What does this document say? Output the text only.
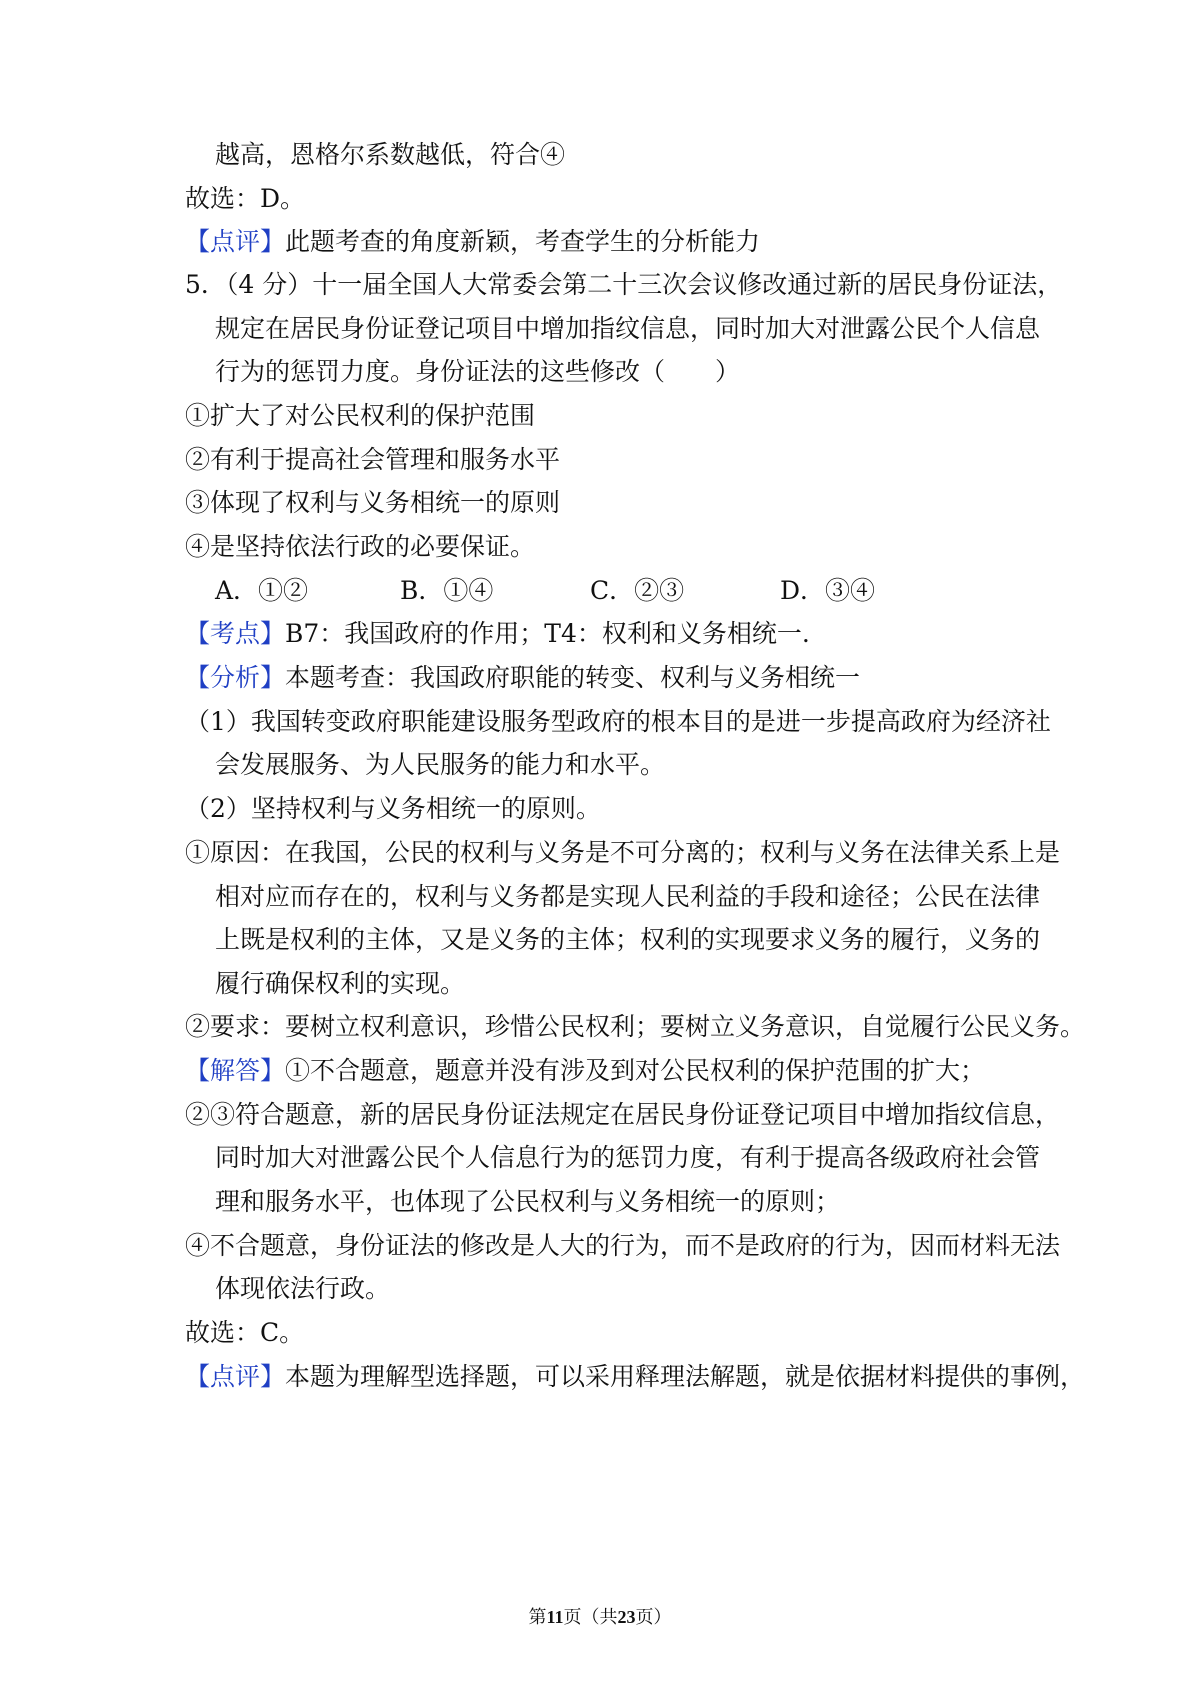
越高，恩格尔系数越低，符合④
故选：D。
【点评】此题考查的角度新颖，考查学生的分析能力
5．（4 分）十一届全国人大常委会第二十三次会议修改通过新的居民身份证法，
规定在居民身份证登记项目中增加指纹信息，同时加大对泄露公民个人信息
行为的惩罚力度。身份证法的这些修改（　　）
①扩大了对公民权利的保护范围
②有利于提高社会管理和服务水平
③体现了权利与义务相统一的原则
④是坚持依法行政的必要保证。
A．①②	B．①④	C．②③	D．③④
【考点】B7：我国政府的作用；T4：权利和义务相统一.
【分析】本题考查：我国政府职能的转变、权利与义务相统一
（1）我国转变政府职能建设服务型政府的根本目的是进一步提高政府为经济社
会发展服务、为人民服务的能力和水平。
（2）坚持权利与义务相统一的原则。
①原因：在我国，公民的权利与义务是不可分离的；权利与义务在法律关系上是
相对应而存在的，权利与义务都是实现人民利益的手段和途径；公民在法律
上既是权利的主体，又是义务的主体；权利的实现要求义务的履行，义务的
履行确保权利的实现。
②要求：要树立权利意识，珍惜公民权利；要树立义务意识，自觉履行公民义务。
【解答】①不合题意，题意并没有涉及到对公民权利的保护范围的扩大；
②③符合题意，新的居民身份证法规定在居民身份证登记项目中增加指纹信息，
同时加大对泄露公民个人信息行为的惩罚力度，有利于提高各级政府社会管
理和服务水平，也体现了公民权利与义务相统一的原则；
④不合题意，身份证法的修改是人大的行为，而不是政府的行为，因而材料无法
体现依法行政。
故选：C。
【点评】本题为理解型选择题，可以采用释理法解题，就是依据材料提供的事例，
第11页（共23页）
